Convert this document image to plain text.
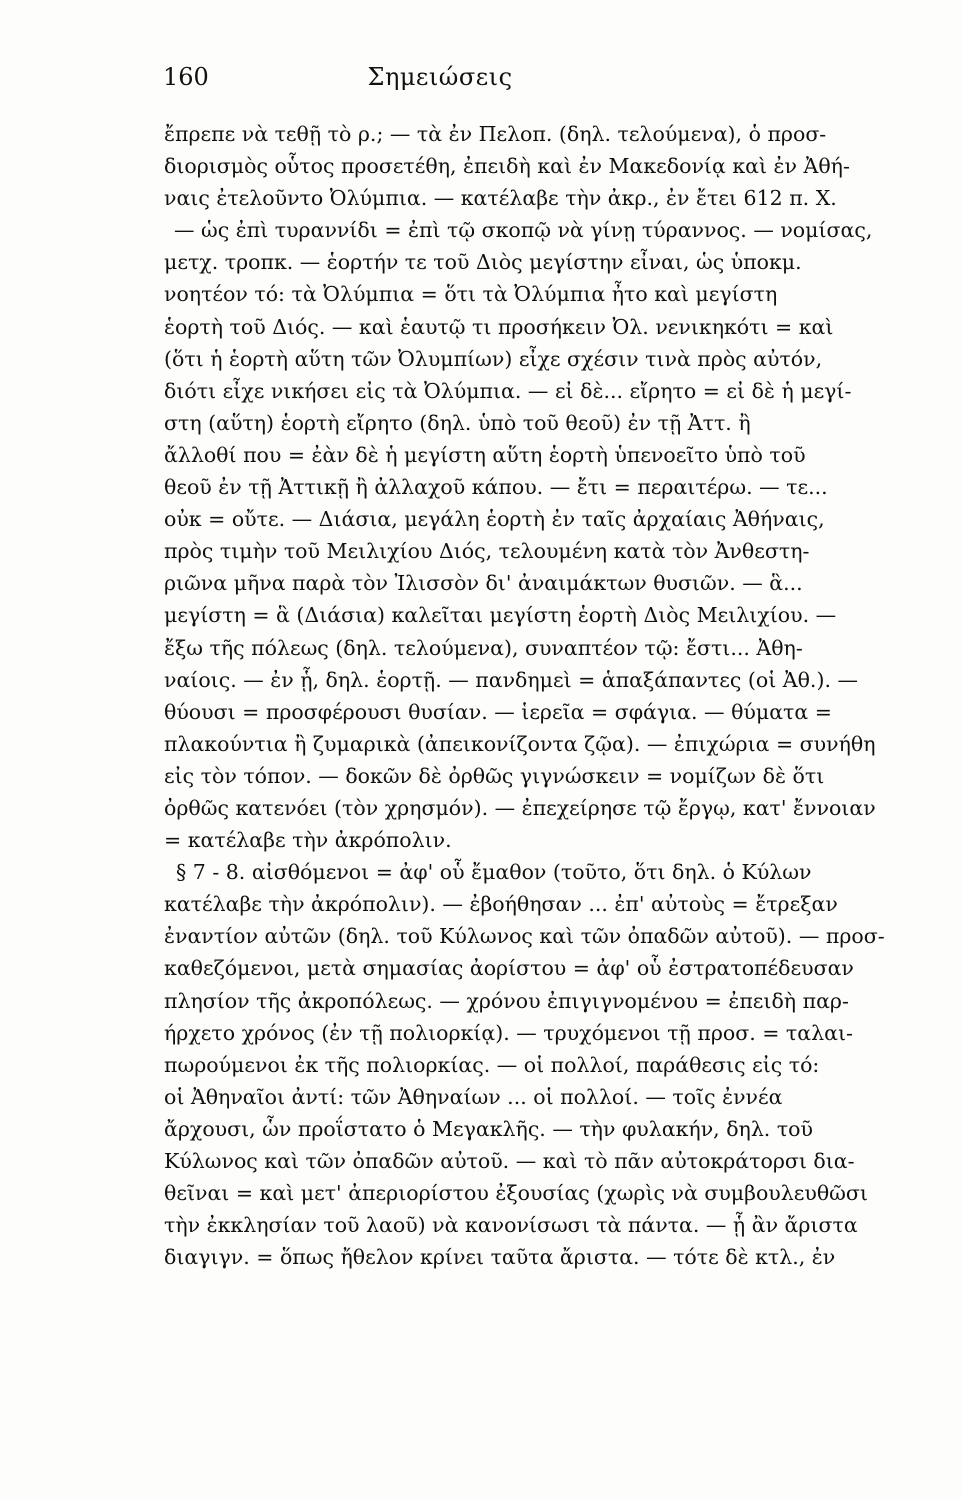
160	Σημειώσεις
ἔπρεπε νὰ τεθῇ τὸ ρ.; — τὰ ἐν Πελοπ. (δηλ. τελούμενα), ὁ προσ-
διορισμὸς οὗτος προσετέθη, ἐπειδὴ καὶ ἐν Μακεδονίᾳ καὶ ἐν Ἀθή-
ναις ἐτελοῦντο Ὀλύμπια. — κατέλαβε τὴν ἀκρ., ἐν ἔτει 612 π. Χ.
— ὡς ἐπὶ τυραννίδι = ἐπὶ τῷ σκοπῷ νὰ γίνῃ τύραννος. — νομίσας,
μετχ. τροπκ. — ἑορτήν τε τοῦ Διὸς μεγίστην εἶναι, ὡς ὑποκμ.
νοητέον τό: τὰ Ὀλύμπια = ὅτι τὰ Ὀλύμπια ἦτο καὶ μεγίστη
ἑορτὴ τοῦ Διός. — καὶ ἑαυτῷ τι προσήκειν Ὀλ. νενικηκότι = καὶ
(ὅτι ἡ ἑορτὴ αὕτη τῶν Ὀλυμπίων) εἶχε σχέσιν τινὰ πρὸς αὐτόν,
διότι εἶχε νικήσει εἰς τὰ Ὀλύμπια. — εἰ δὲ... εἴρητο = εἰ δὲ ἡ μεγί-
στη (αὕτη) ἑορτὴ εἴρητο (δηλ. ὑπὸ τοῦ θεοῦ) ἐν τῇ Ἀττ. ἢ
ἄλλοθί που = ἐὰν δὲ ἡ μεγίστη αὕτη ἑορτὴ ὑπενοεῖτο ὑπὸ τοῦ
θεοῦ ἐν τῇ Ἀττικῇ ἢ ἀλλαχοῦ κάπου. — ἔτι = περαιτέρω. — τε...
οὐκ = οὔτε. — Διάσια, μεγάλη ἑορτὴ ἐν ταῖς ἀρχαίαις Ἀθήναις,
πρὸς τιμὴν τοῦ Μειλιχίου Διός, τελουμένη κατὰ τὸν Ἀνθεστη-
ριῶνα μῆνα παρὰ τὸν Ἰλισσὸν δι' ἀναιμάκτων θυσιῶν. — ἃ...
μεγίστη = ἃ (Διάσια) καλεῖται μεγίστη ἑορτὴ Διὸς Μειλιχίου. —
ἔξω τῆς πόλεως (δηλ. τελούμενα), συναπτέον τῷ: ἔστι... Ἀθη-
ναίοις. — ἐν ᾗ, δηλ. ἑορτῇ. — πανδημεὶ = ἁπαξάπαντες (οἱ Ἀθ.). —
θύουσι = προσφέρουσι θυσίαν. — ἱερεῖα = σφάγια. — θύματα =
πλακούντια ἢ ζυμαρικὰ (ἀπεικονίζοντα ζῷα). — ἐπιχώρια = συνήθη
εἰς τὸν τόπον. — δοκῶν δὲ ὀρθῶς γιγνώσκειν = νομίζων δὲ ὅτι
ὀρθῶς κατενόει (τὸν χρησμόν). — ἐπεχείρησε τῷ ἔργῳ, κατ' ἔννοιαν
= κατέλαβε τὴν ἀκρόπολιν.
§ 7 - 8. αἰσθόμενοι = ἀφ' οὗ ἔμαθον (τοῦτο, ὅτι δηλ. ὁ Κύλων
κατέλαβε τὴν ἀκρόπολιν). — ἐβοήθησαν ... ἐπ' αὐτοὺς = ἔτρεξαν
ἐναντίον αὐτῶν (δηλ. τοῦ Κύλωνος καὶ τῶν ὀπαδῶν αὐτοῦ). — προσ-
καθεζόμενοι, μετὰ σημασίας ἀορίστου = ἀφ' οὗ ἐστρατοπέδευσαν
πλησίον τῆς ἀκροπόλεως. — χρόνου ἐπιγιγνομένου = ἐπειδὴ παρ-
ήρχετο χρόνος (ἐν τῇ πολιορκίᾳ). — τρυχόμενοι τῇ προσ. = ταλαι-
πωρούμενοι ἐκ τῆς πολιορκίας. — οἱ πολλοί, παράθεσις εἰς τό:
οἱ Ἀθηναῖοι ἀντί: τῶν Ἀθηναίων ... οἱ πολλοί. — τοῖς ἐννέα
ἄρχουσι, ὧν προΐστατο ὁ Μεγακλῆς. — τὴν φυλακήν, δηλ. τοῦ
Κύλωνος καὶ τῶν ὀπαδῶν αὐτοῦ. — καὶ τὸ πᾶν αὐτοκράτορσι δια-
θεῖναι = καὶ μετ' ἀπεριορίστου ἐξουσίας (χωρὶς νὰ συμβουλευθῶσι
τὴν ἐκκλησίαν τοῦ λαοῦ) νὰ κανονίσωσι τὰ πάντα. — ᾗ ἂν ἄριστα
διαγιγν. = ὅπως ἤθελον κρίνει ταῦτα ἄριστα. — τότε δὲ κτλ., ἐν
